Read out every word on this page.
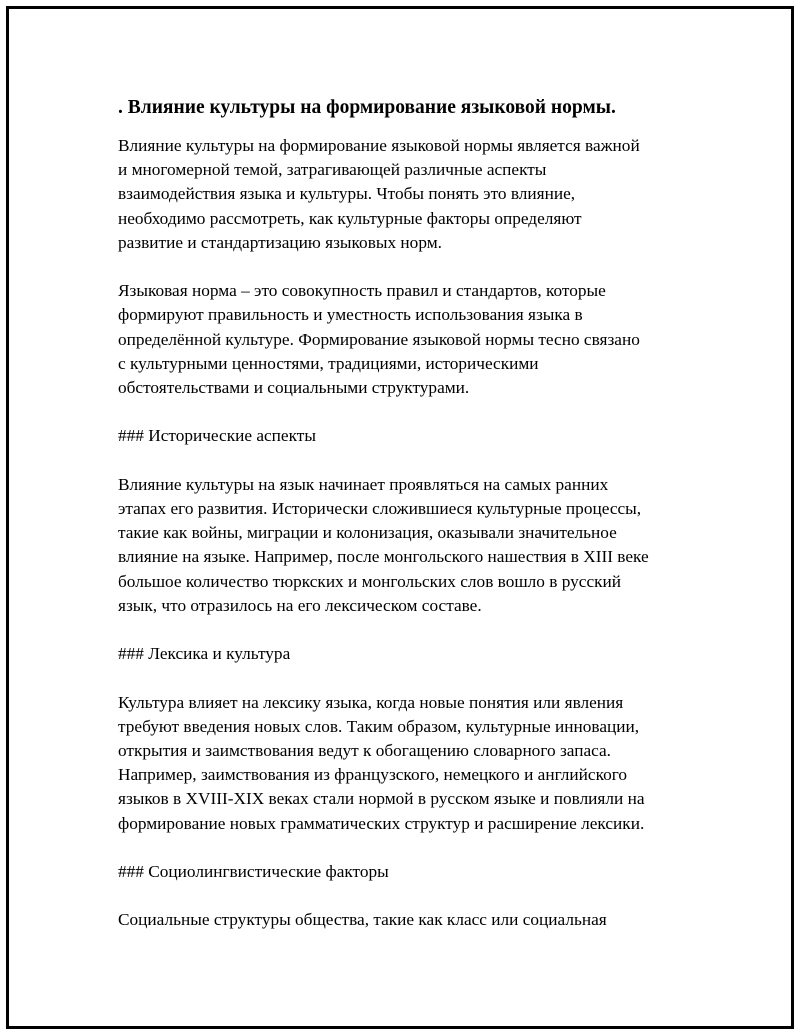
. Влияние культуры на формирование языковой нормы.

Влияние культуры на формирование языковой нормы является важной

и многомерной темой, затрагивающей различные аспекты

взаимодействия языка и культуры. Чтобы понять это влияние,

необходимо рассмотреть, как культурные факторы определяют

развитие и стандартизацию языковых норм.

Языковая норма – это совокупность правил и стандартов, которые

формируют правильность и уместность использования языка в

определённой культуре. Формирование языковой нормы тесно связано

с культурными ценностями, традициями, историческими

обстоятельствами и социальными структурами.

### Исторические аспекты

Влияние культуры на язык начинает проявляться на самых ранних

этапах его развития. Исторически сложившиеся культурные процессы,

такие как войны, миграции и колонизация, оказывали значительное

влияние на языке. Например, после монгольского нашествия в XIII веке

большое количество тюркских и монгольских слов вошло в русский

язык, что отразилось на его лексическом составе.

### Лексика и культура

Культура влияет на лексику языка, когда новые понятия или явления

требуют введения новых слов. Таким образом, культурные инновации,

открытия и заимствования ведут к обогащению словарного запаса.

Например, заимствования из французского, немецкого и английского

языков в XVIII-XIX веках стали нормой в русском языке и повлияли на

формирование новых грамматических структур и расширение лексики.

### Социолингвистические факторы

Социальные структуры общества, такие как класс или социальная
